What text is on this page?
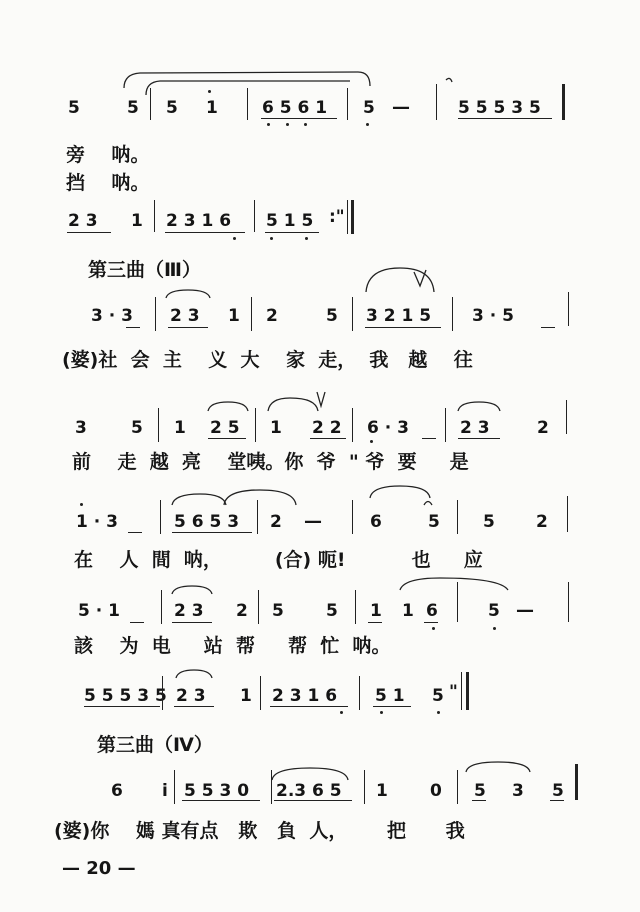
5	5 5 1	6 5 6 1 5 —	5 5 5 3 5
旁    呐。
挡    呐。
2 3 1 2 3 1 6 5 1 5 :"
第三曲（Ⅲ）
3 · 3 2 3 1 2	5 3 2 1 5 3 · 5
(婆)社  会  主    义  大    家  走，  我   越    往
3	5 1 2 5 1 2 2 6 · 3	2 3	2
前    走  越  亮    堂咦。你  爷  " 爷  要     是
1 · 3	5 6 5 3 2 —	6	5	5 2
在    人  間  呐，        (合) 呃!          也     应
5 · 1	2 3 2 5 5 1 1 6	5 —
該    为  电     站  帮     帮  忙  呐。
5 5 5 3 5 2 3 1 2 3 1 6 5 1 5 "
第三曲（Ⅳ）
6 i 5 5 3 0 2.3 6 5 1 0 5 3 5
(婆)你    媽 真有点   欺   負  人，      把      我
— 20 —
